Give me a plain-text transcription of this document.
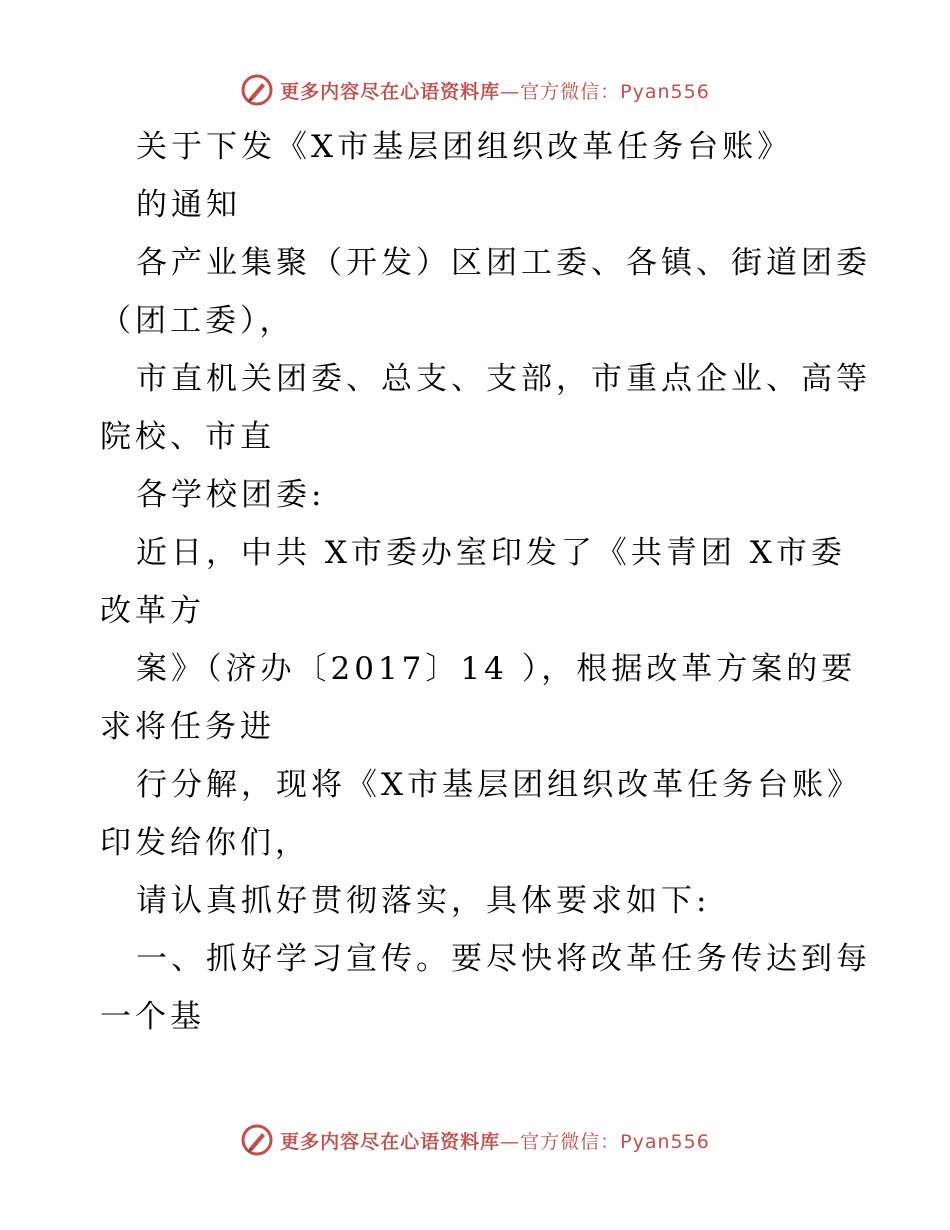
更多内容尽在心语资料库—官方微信：Pyan556
关于下发《X市基层团组织改革任务台账》
的通知
各产业集聚（开发）区团工委、各镇、街道团委
（团工委），
市直机关团委、总支、支部，市重点企业、高等
院校、市直
各学校团委:
近日，中共 X市委办室印发了《共青团 X市委
改革方
案》（济办〔2017〕14 ），根据改革方案的要
求将任务进
行分解，现将《X市基层团组织改革任务台账》
印发给你们，
请认真抓好贯彻落实，具体要求如下:
一、抓好学习宣传。要尽快将改革任务传达到每
一个基
更多内容尽在心语资料库—官方微信：Pyan556
